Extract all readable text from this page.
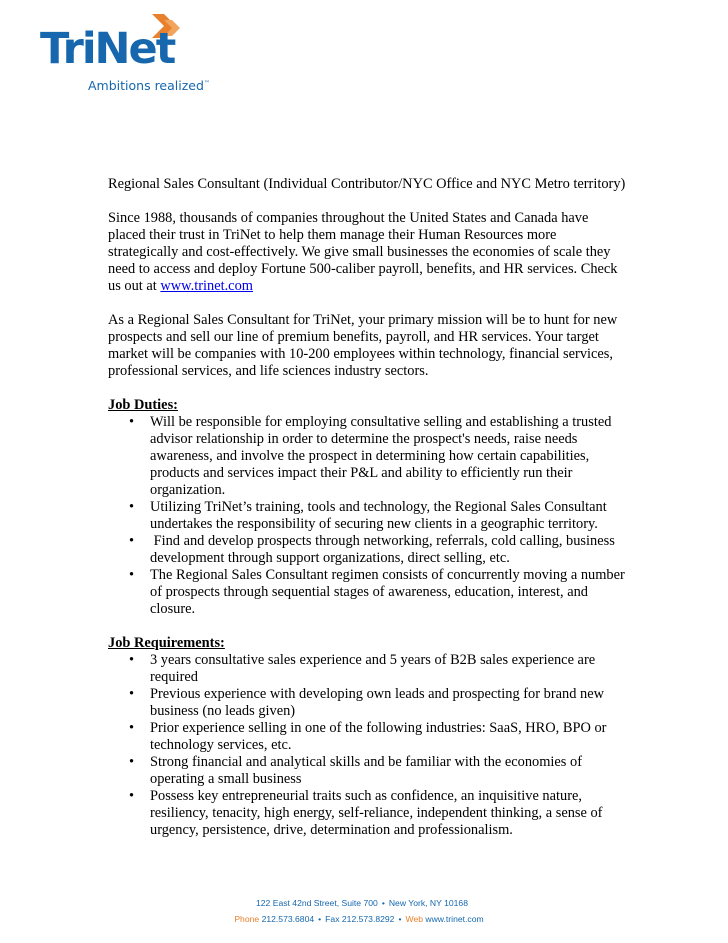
TriNet
Ambitions realized™

Regional Sales Consultant (Individual Contributor/NYC Office and NYC Metro territory)

Since 1988, thousands of companies throughout the United States and Canada have placed their trust in TriNet to help them manage their Human Resources more strategically and cost-effectively. We give small businesses the economies of scale they need to access and deploy Fortune 500-caliber payroll, benefits, and HR services. Check us out at www.trinet.com

As a Regional Sales Consultant for TriNet, your primary mission will be to hunt for new prospects and sell our line of premium benefits, payroll, and HR services. Your target market will be companies with 10-200 employees within technology, financial services, professional services, and life sciences industry sectors.

Job Duties:
• Will be responsible for employing consultative selling and establishing a trusted advisor relationship in order to determine the prospect's needs, raise needs awareness, and involve the prospect in determining how certain capabilities, products and services impact their P&L and ability to efficiently run their organization.
• Utilizing TriNet’s training, tools and technology, the Regional Sales Consultant undertakes the responsibility of securing new clients in a geographic territory.
• Find and develop prospects through networking, referrals, cold calling, business development through support organizations, direct selling, etc.
• The Regional Sales Consultant regimen consists of concurrently moving a number of prospects through sequential stages of awareness, education, interest, and closure.
Job Requirements:
• 3 years consultative sales experience and 5 years of B2B sales experience are required
• Previous experience with developing own leads and prospecting for brand new business (no leads given)
• Prior experience selling in one of the following industries: SaaS, HRO, BPO or technology services, etc.
• Strong financial and analytical skills and be familiar with the economies of operating a small business
• Possess key entrepreneurial traits such as confidence, an inquisitive nature, resiliency, tenacity, high energy, self-reliance, independent thinking, a sense of urgency, persistence, drive, determination and professionalism.
122 East 42nd Street, Suite 700 • New York, NY 10168
Phone 212.573.6804 • Fax 212.573.8292 • Web www.trinet.com
